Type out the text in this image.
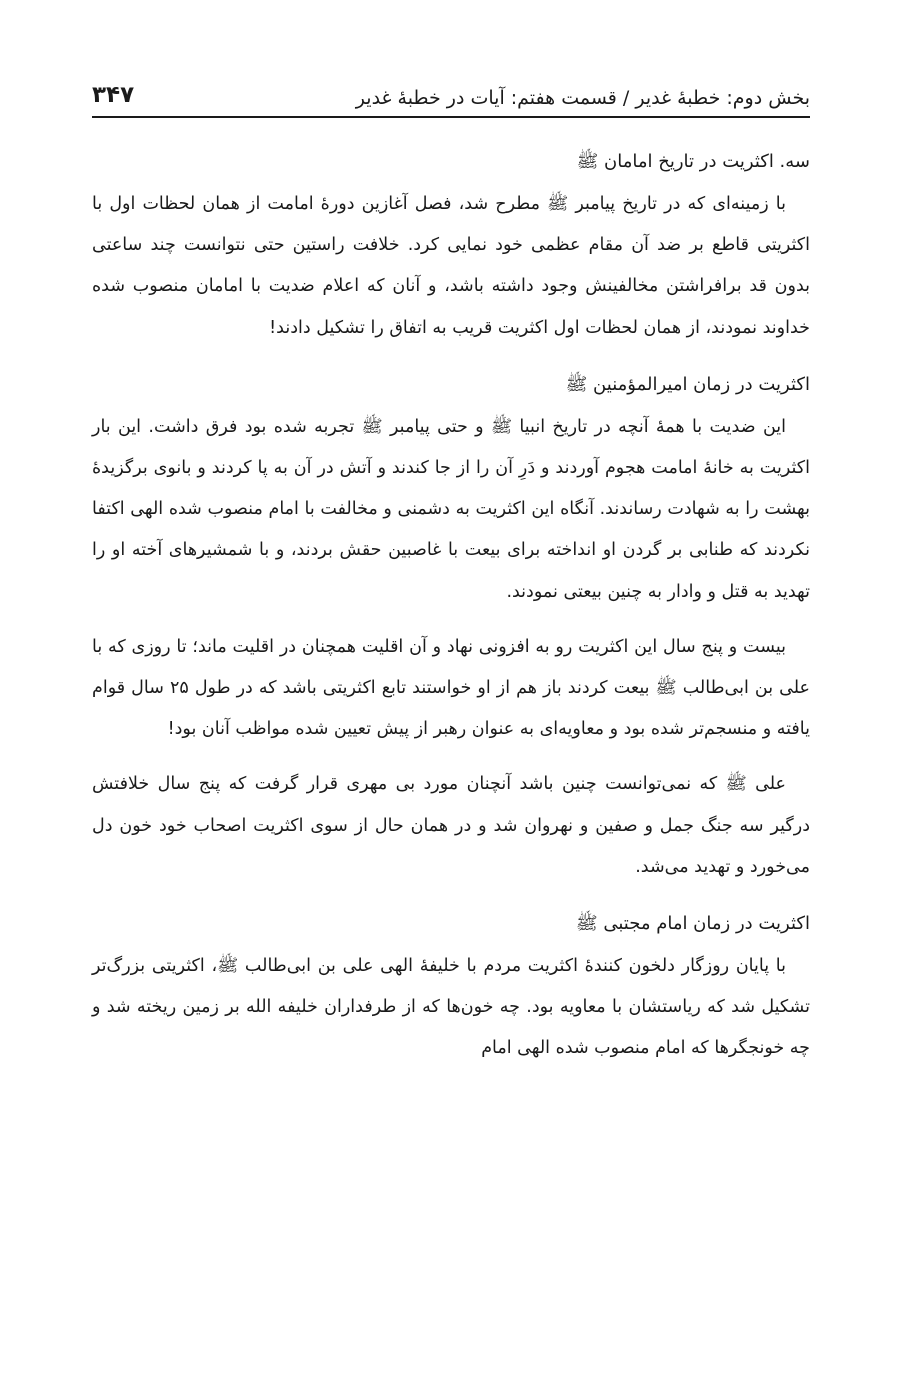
بخش دوم: خطبهٔ غدیر / قسمت هفتم: آیات در خطبهٔ غدیر
۳۴۷
سه. اکثریت در تاریخ امامان ﷺ

با زمینه‌ای که در تاریخ پیامبر ﷺ مطرح شد، فصل آغازین دورهٔ امامت از همان لحظات اول با اکثریتی قاطع بر ضد آن مقام عظمی خود نمایی کرد. خلافت راستین حتی نتوانست چند ساعتی بدون قد برافراشتن مخالفینش وجود داشته باشد، و آنان که اعلام ضدیت با امامان منصوب شده خداوند نمودند، از همان لحظات اول اکثریت قریب به اتفاق را تشکیل دادند!

اکثریت در زمان امیرالمؤمنین ﷺ

این ضدیت با همهٔ آنچه در تاریخ انبیا ﷺ و حتی پیامبر ﷺ تجربه شده بود فرق داشت. این بار اکثریت به خانهٔ امامت هجوم آوردند و دَرِ آن را از جا کندند و آتش در آن به پا کردند و بانوی برگزیدهٔ بهشت را به شهادت رساندند. آنگاه این اکثریت به دشمنی و مخالفت با امام منصوب شده الهی اکتفا نکردند که طنابی بر گردن او انداخته برای بیعت با غاصبین حقش بردند، و با شمشیرهای آخته او را تهدید به قتل و وادار به چنین بیعتی نمودند.

بیست و پنج سال این اکثریت رو به افزونی نهاد و آن اقلیت همچنان در اقلیت ماند؛ تا روزی که با علی بن ابی‌طالب ﷺ بیعت کردند باز هم از او خواستند تابع اکثریتی باشد که در طول ۲۵ سال قوام یافته و منسجم‌تر شده بود و معاویه‌ای به عنوان رهبر از پیش تعیین شده مواظب آنان بود!

علی ﷺ که نمی‌توانست چنین باشد آنچنان مورد بی مهری قرار گرفت که پنج سال خلافتش درگیر سه جنگ جمل و صفین و نهروان شد و در همان حال از سوی اکثریت اصحاب خود خون دل می‌خورد و تهدید می‌شد.

اکثریت در زمان امام مجتبی ﷺ

با پایان روزگار دلخون کنندهٔ اکثریت مردم با خلیفهٔ الهی علی بن ابی‌طالب ﷺ، اکثریتی بزرگ‌تر تشکیل شد که ریاستشان با معاویه بود. چه خون‌ها که از طرفداران خلیفه الله بر زمین ریخته شد و چه خونجگرها که امام منصوب شده الهی امام
